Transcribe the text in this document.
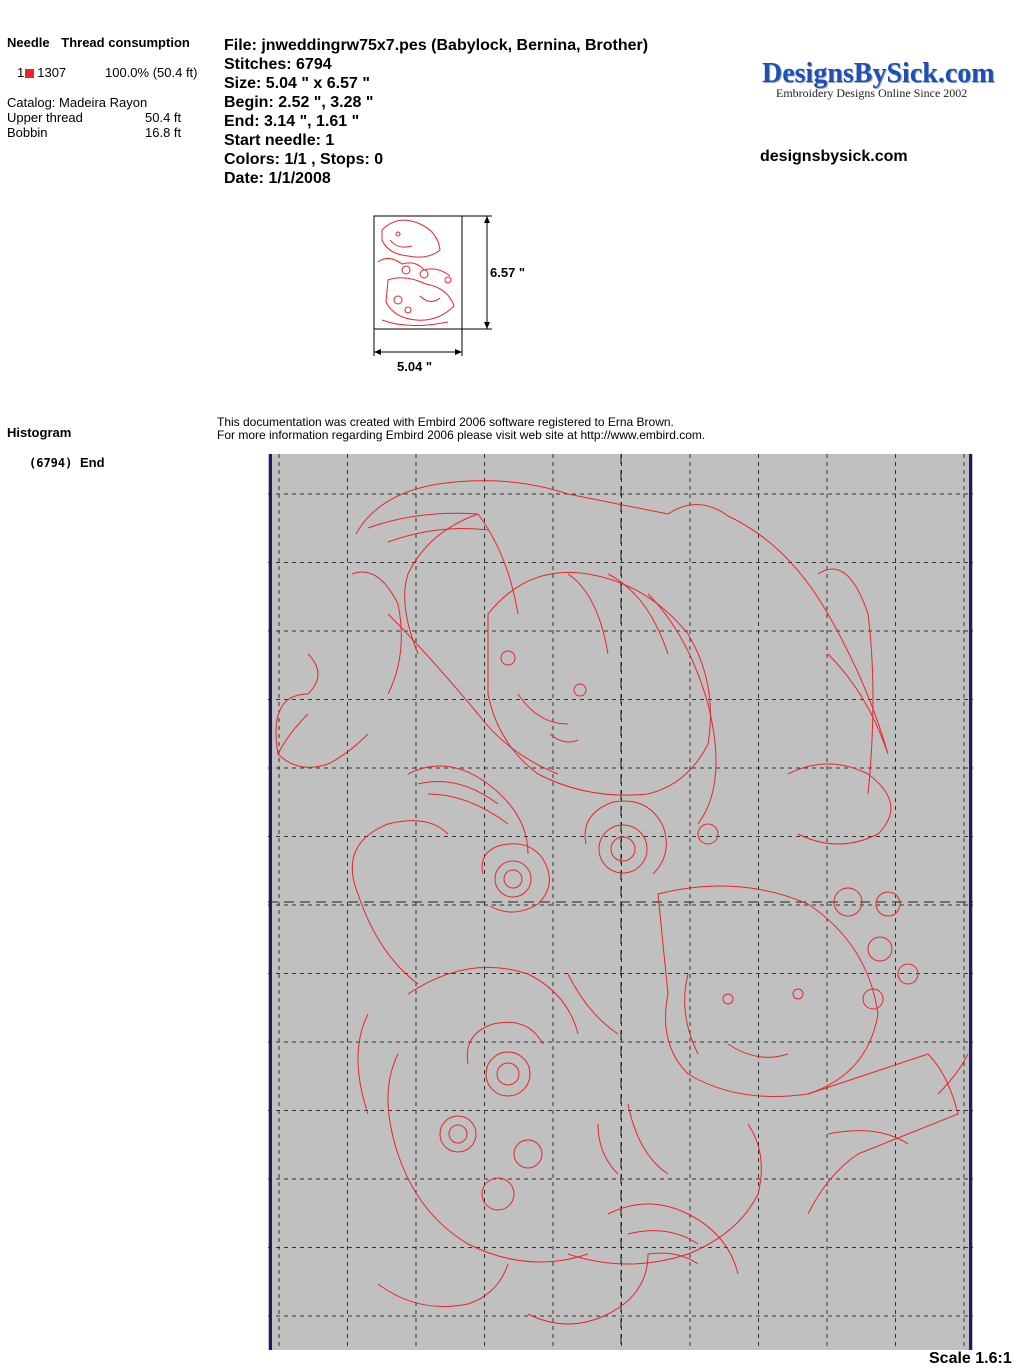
Needle Thread consumption
1 1307	100.0% (50.4 ft)
Catalog: Madeira Rayon
Upper thread	50.4 ft
Bobbin	16.8 ft
File: jnweddingrw75x7.pes (Babylock, Bernina, Brother)
Stitches: 6794
Size: 5.04 " x 6.57 "
Begin: 2.52 ", 3.28 "
End: 3.14 ", 1.61 "
Start needle: 1
Colors: 1/1 , Stops: 0
Date: 1/1/2008
DesignsBySick.com
Embroidery Designs Online Since 2002
designsbysick.com
6.57 "
5.04 "
Histogram
(6794) End
This documentation was created with Embird 2006 software registered to Erna Brown.
For more information regarding Embird 2006 please visit web site at http://www.embird.com.
Scale 1.6:1
